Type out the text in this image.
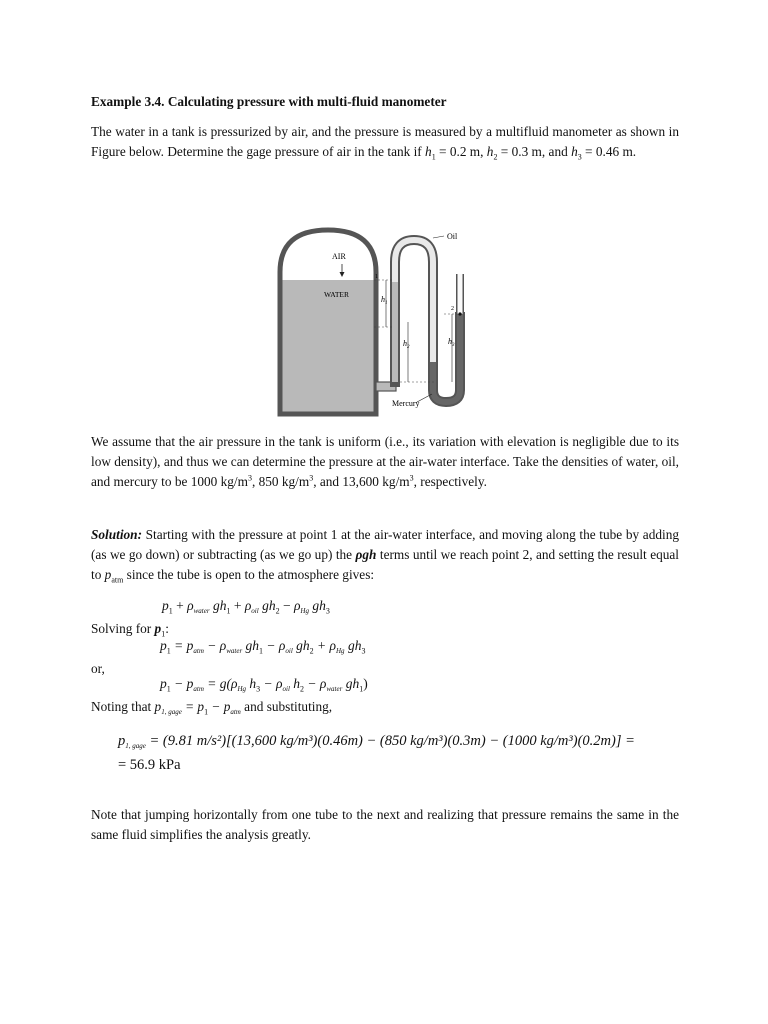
Example 3.4. Calculating pressure with multi-fluid manometer
The water in a tank is pressurized by air, and the pressure is measured by a multifluid manometer as shown in Figure below. Determine the gage pressure of air in the tank if $h_1 = 0.2$ m, $h_2 = 0.3$ m, and $h_3 = 0.46$ m.
AIR
WATER
Oil
Mercury
$h_1$
$h_2$
$h_3$
1
2
We assume that the air pressure in the tank is uniform (i.e., its variation with elevation is negligible due to its low density), and thus we can determine the pressure at the air-water interface. Take the densities of water, oil, and mercury to be 1000 $kg/m^3$, 850 $kg/m^3$, and 13,600 $kg/m^3$, respectively.
Solution: Starting with the pressure at point 1 at the air-water interface, and moving along the tube by adding (as we go down) or subtracting (as we go up) the ρgh terms until we reach point 2, and setting the result equal to $p_{atm}$ since the tube is open to the atmosphere gives:
$p_1 + \rho_{water}$ $gh_1 + \rho_{oil}$ $gh_2 - \rho_{Hg}$ $gh_3$
Solving for $p_1$:
$p_1 = p_{atm} - \rho_{water}$ $gh_1 - \rho_{oil}$ $gh_2 + \rho_{Hg}$ $gh_3$
or,
$p_1 - p_{atm} = g(\rho_{Hg}$ $h_3 - \rho_{oil}$ $h_2 - \rho_{water}$ $gh_1$)
Noting that $p_{1, gage} = p_1 - p_{atm}$ and substituting,
$p_{1, gage} = (9.81$ m/s²)[(13,600 kg/m³)(0.46m) − (850 kg/m³)(0.3m) − (1000 kg/m³)(0.2m)] =
= 56.9 kPa
Note that jumping horizontally from one tube to the next and realizing that pressure remains the same in the same fluid simplifies the analysis greatly.
